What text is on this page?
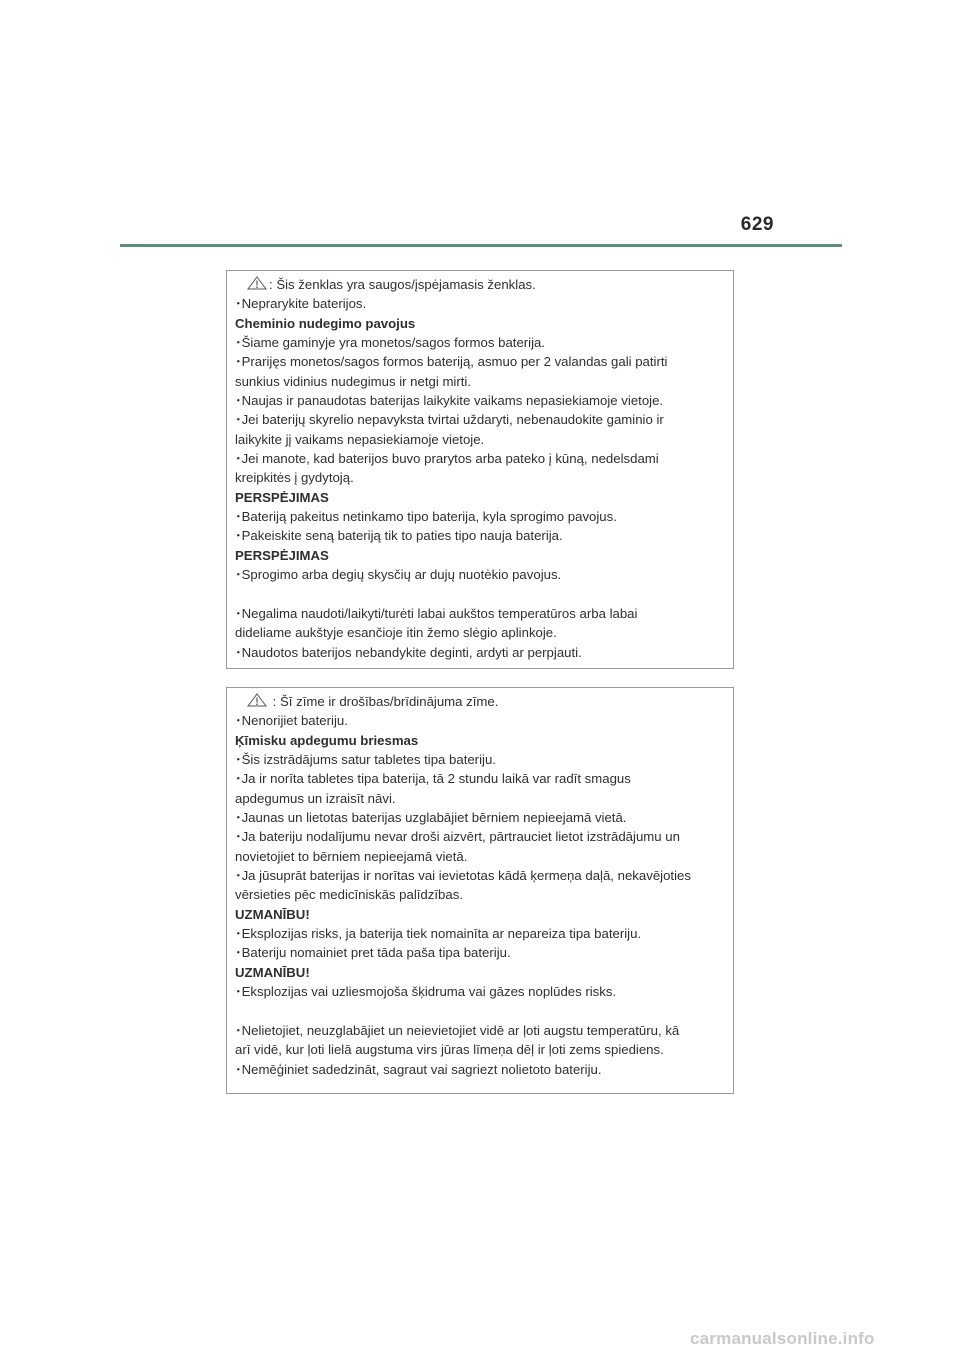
629
: Šis ženklas yra saugos/įspėjamasis ženklas.
･Neprarykite baterijos.
Cheminio nudegimo pavojus
･Šiame gaminyje yra monetos/sagos formos baterija.
･Prarijęs monetos/sagos formos bateriją, asmuo per 2 valandas gali patirti
sunkius vidinius nudegimus ir netgi mirti.
･Naujas ir panaudotas baterijas laikykite vaikams nepasiekiamoje vietoje.
･Jei baterijų skyrelio nepavyksta tvirtai uždaryti, nebenaudokite gaminio ir
laikykite jį vaikams nepasiekiamoje vietoje.
･Jei manote, kad baterijos buvo prarytos arba pateko į kūną, nedelsdami
kreipkitės į gydytoją.
PERSPĖJIMAS
･Bateriją pakeitus netinkamo tipo baterija, kyla sprogimo pavojus.
･Pakeiskite seną bateriją tik to paties tipo nauja baterija.
PERSPĖJIMAS
･Sprogimo arba degių skysčių ar dujų nuotėkio pavojus.
･Negalima naudoti/laikyti/turėti labai aukštos temperatūros arba labai
dideliame aukštyje esančioje itin žemo slėgio aplinkoje.
･Naudotos baterijos nebandykite deginti, ardyti ar perpjauti.
: Šī zīme ir drošības/brīdinājuma zīme.
･Nenorijiet bateriju.
Ķīmisku apdegumu briesmas
･Šis izstrādājums satur tabletes tipa bateriju.
･Ja ir norīta tabletes tipa baterija, tā 2 stundu laikā var radīt smagus
apdegumus un izraisīt nāvi.
･Jaunas un lietotas baterijas uzglabājiet bērniem nepieejamā vietā.
･Ja bateriju nodalījumu nevar droši aizvērt, pārtrauciet lietot izstrādājumu un
novietojiet to bērniem nepieejamā vietā.
･Ja jūsuprāt baterijas ir norītas vai ievietotas kādā ķermeņa daļā, nekavējoties
vērsieties pēc medicīniskās palīdzības.
UZMANĪBU!
･Eksplozijas risks, ja baterija tiek nomainīta ar nepareiza tipa bateriju.
･Bateriju nomainiet pret tāda paša tipa bateriju.
UZMANĪBU!
･Eksplozijas vai uzliesmojoša šķidruma vai gāzes noplūdes risks.
･Nelietojiet, neuzglabājiet un neievietojiet vidē ar ļoti augstu temperatūru, kā
arī vidē, kur ļoti lielā augstuma virs jūras līmeņa dēļ ir ļoti zems spiediens.
･Nemēģiniet sadedzināt, sagraut vai sagriezt nolietoto bateriju.
carmanualsonline.info
